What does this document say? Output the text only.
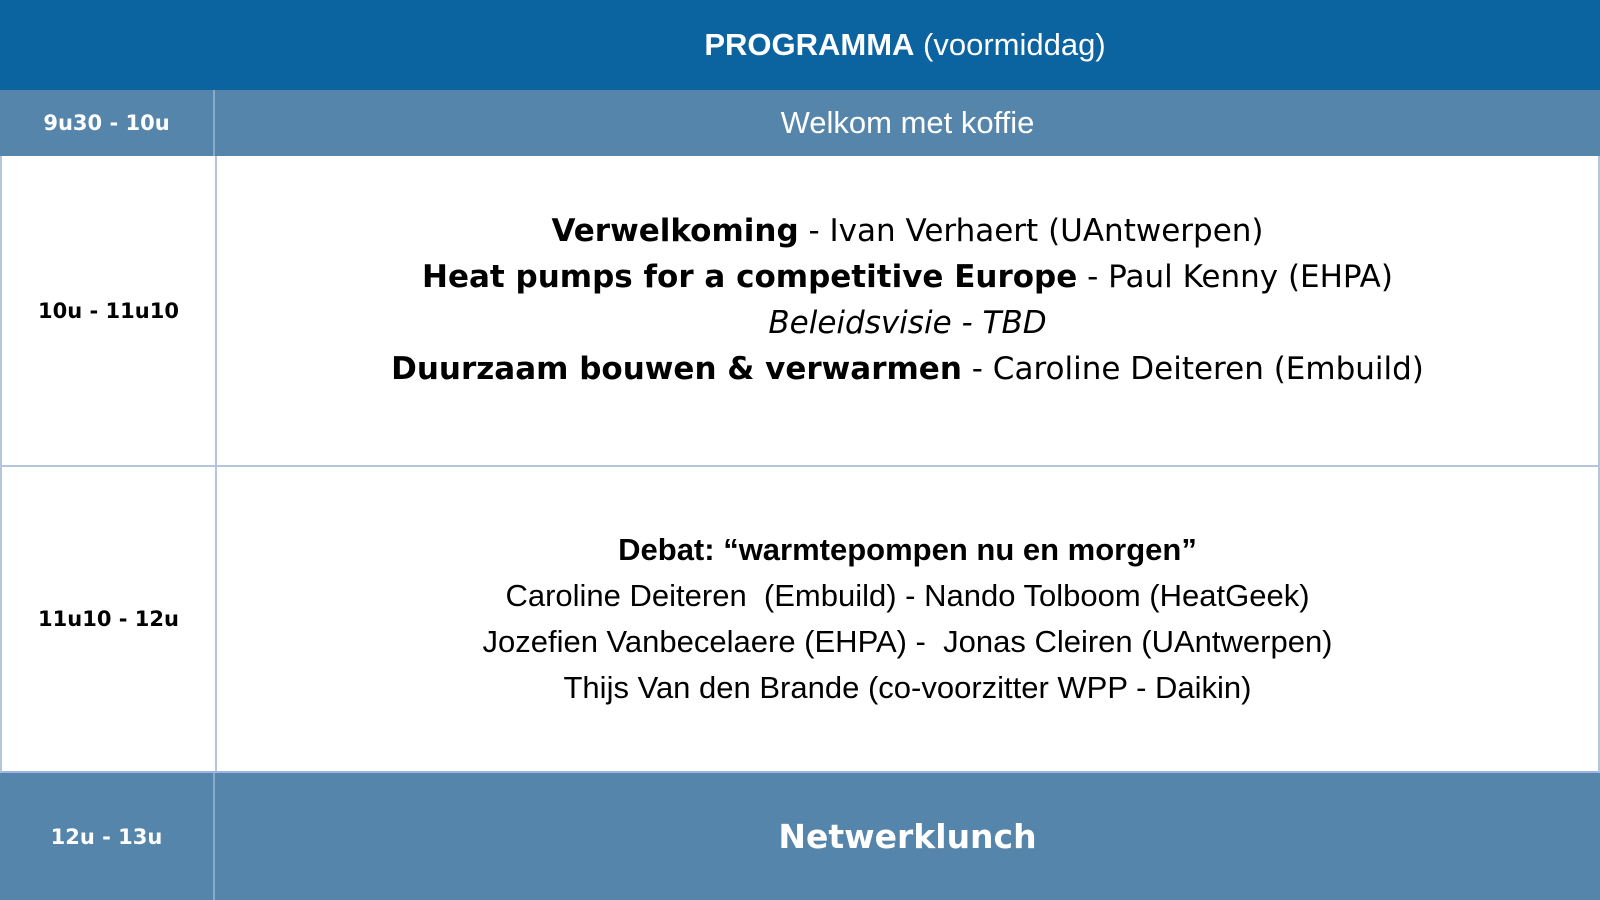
PROGRAMMA (voormiddag)
9u30 - 10u	Welkom met koffie
10u - 11u10
Verwelkoming - Ivan Verhaert (UAntwerpen)
Heat pumps for a competitive Europe - Paul Kenny (EHPA)
Beleidsvisie - TBD
Duurzaam bouwen & verwarmen - Caroline Deiteren (Embuild)
11u10 - 12u
Debat: “warmtepompen nu en morgen”
Caroline Deiteren  (Embuild) - Nando Tolboom (HeatGeek)
Jozefien Vanbecelaere (EHPA) -  Jonas Cleiren (UAntwerpen)
Thijs Van den Brande (co-voorzitter WPP - Daikin)
12u - 13u	Netwerklunch
